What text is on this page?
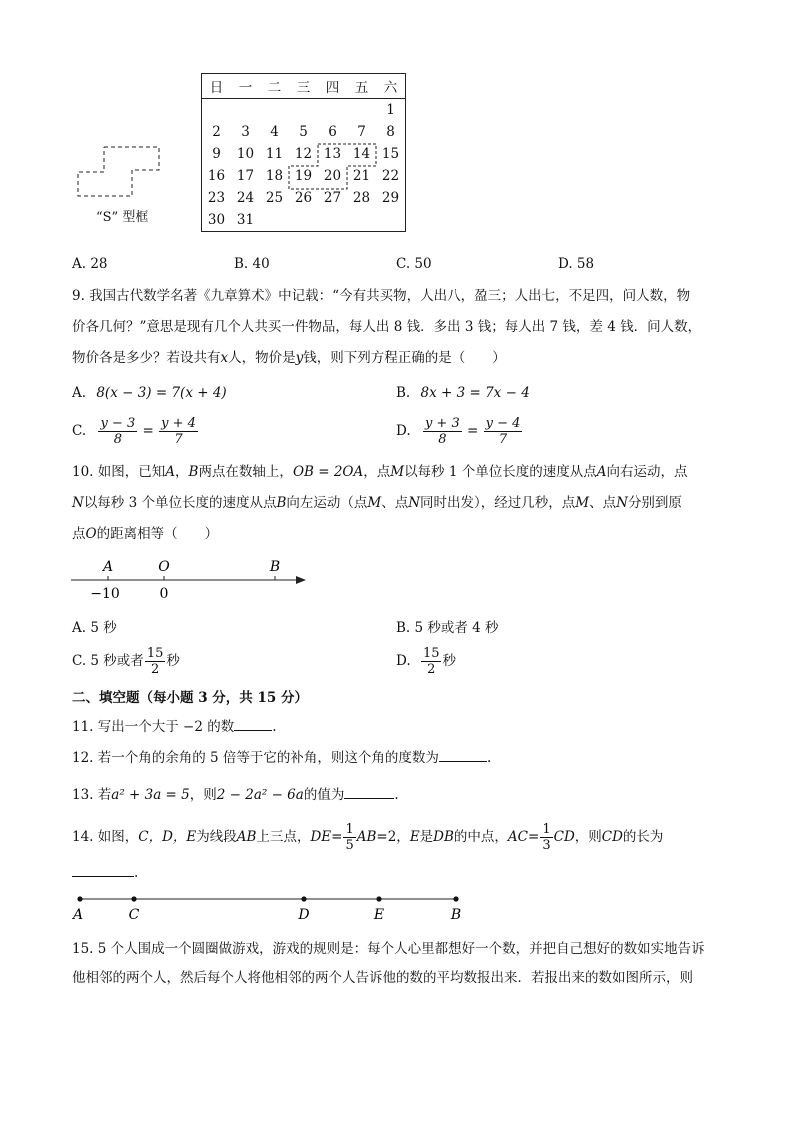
“S” 型框
日	一	二	三	四	五	六
						1
2	3	4	5	6	7	8
9	10	11	12	13	14	15
16	17	18	19	20	21	22
23	24	25	26	27	28	29
30	31					
A. 28	B. 40	C. 50	D. 58
9. 我国古代数学名著《九章算术》中记载：“今有共买物，人出八，盈三；人出七，不足四，问人数，物
价各几何？”意思是现有几个人共买一件物品，每人出 8 钱．多出 3 钱；每人出 7 钱，差 4 钱．问人数，
物价各是多少？若设共有x人，物价是y钱，则下列方程正确的是（　　）
A. 8(x − 3) = 7(x + 4)	B. 8x + 3 = 7x − 4
C. $\frac{y - 3}{8} = \frac{y + 4}{7}$	D. $\frac{y + 3}{8} = \frac{y - 4}{7}$
10. 如图，已知A，B两点在数轴上，OB = 2OA，点M以每秒 1 个单位长度的速度从点A向右运动，点
N以每秒 3 个单位长度的速度从点B向左运动（点M、点N同时出发），经过几秒，点M、点N分别到原
点O的距离相等（　　）
A	O	B
−10	0
A. 5 秒	B. 5 秒或者 4 秒
C. 5 秒或者 $\frac{15}{2}$ 秒	D. $\frac{15}{2}$ 秒
二、填空题（每小题 3 分，共 15 分）
11. 写出一个大于 −2 的数	.
12. 若一个角的余角的 5 倍等于它的补角，则这个角的度数为	.
13. 若a² + 3a = 5，则2 − 2a² − 6a的值为	.
14. 如图，C，D，E为线段AB上三点，$DE= \frac{1}{5} AB=2$，E是DB的中点，$AC= \frac{1}{3}$ CD，则CD的长为
.
A	C	D	E	B
15. 5 个人围成一个圆圈做游戏，游戏的规则是：每个人心里都想好一个数，并把自己想好的数如实地告诉
他相邻的两个人，然后每个人将他相邻的两个人告诉他的数的平均数报出来．若报出来的数如图所示，则
